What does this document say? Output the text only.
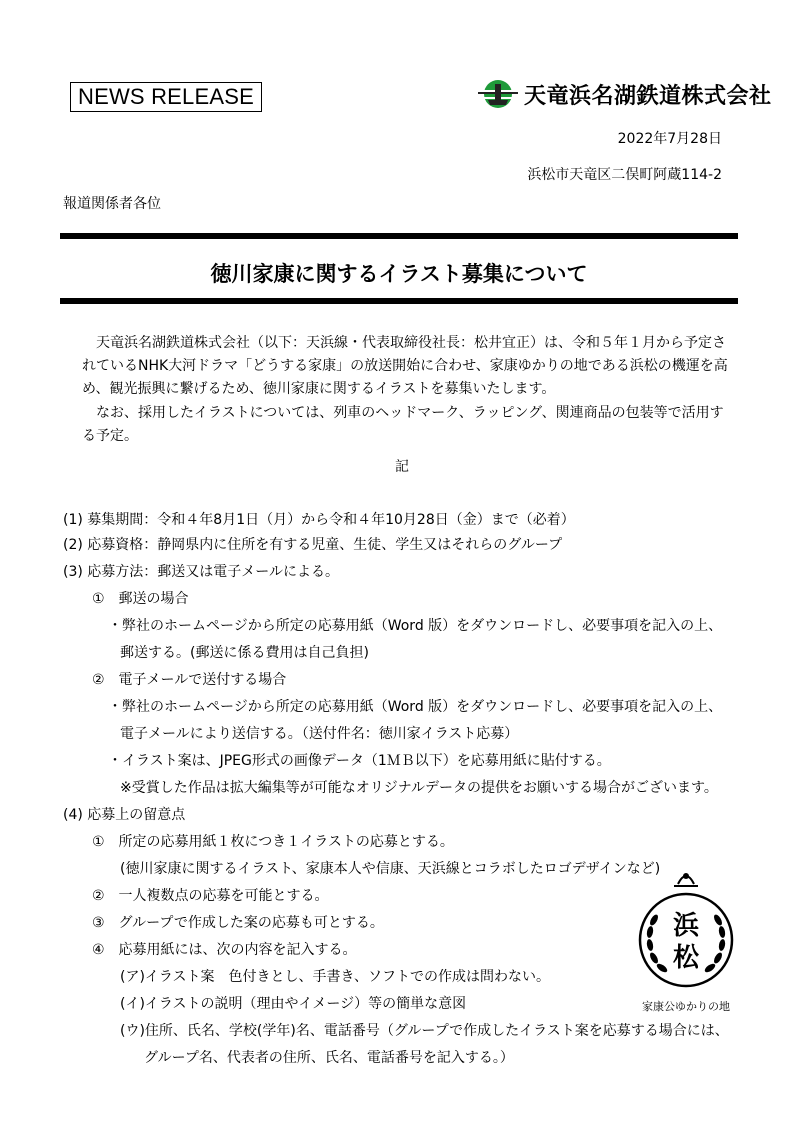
NEWS RELEASE	天竜浜名湖鉄道株式会社
2022年7月28日
浜松市天竜区二俣町阿蔵114-2
報道関係者各位
徳川家康に関するイラスト募集について
天竜浜名湖鉄道株式会社（以下：天浜線・代表取締役社長：松井宜正）は、令和５年１月から予定されているNHK大河ドラマ「どうする家康」の放送開始に合わせ、家康ゆかりの地である浜松の機運を高め、観光振興に繋げるため、徳川家康に関するイラストを募集いたします。
なお、採用したイラストについては、列車のヘッドマーク、ラッピング、関連商品の包装等で活用する予定。
記
(1) 募集期間：令和４年8月1日（月）から令和４年10月28日（金）まで（必着）
(2) 応募資格：静岡県内に住所を有する児童、生徒、学生又はそれらのグループ
(3) 応募方法：郵送又は電子メールによる。
①　郵送の場合
・弊社のホームページから所定の応募用紙（Word 版）をダウンロードし、必要事項を記入の上、
郵送する。(郵送に係る費用は自己負担)
②　電子メールで送付する場合
・弊社のホームページから所定の応募用紙（Word 版）をダウンロードし、必要事項を記入の上、
電子メールにより送信する。（送付件名：徳川家イラスト応募）
・イラスト案は、JPEG形式の画像データ（1ＭＢ以下）を応募用紙に貼付する。
※受賞した作品は拡大編集等が可能なオリジナルデータの提供をお願いする場合がございます。
(4) 応募上の留意点
①　所定の応募用紙１枚につき１イラストの応募とする。
(徳川家康に関するイラスト、家康本人や信康、天浜線とコラボしたロゴデザインなど)
②　一人複数点の応募を可能とする。
③　グループで作成した案の応募も可とする。
④　応募用紙には、次の内容を記入する。
(ア)イラスト案　色付きとし、手書き、ソフトでの作成は問わない。
(イ)イラストの説明（理由やイメージ）等の簡単な意図
(ウ)住所、氏名、学校(学年)名、電話番号（グループで作成したイラスト案を応募する場合には、
グループ名、代表者の住所、氏名、電話番号を記入する。）
浜
松
家康公ゆかりの地
